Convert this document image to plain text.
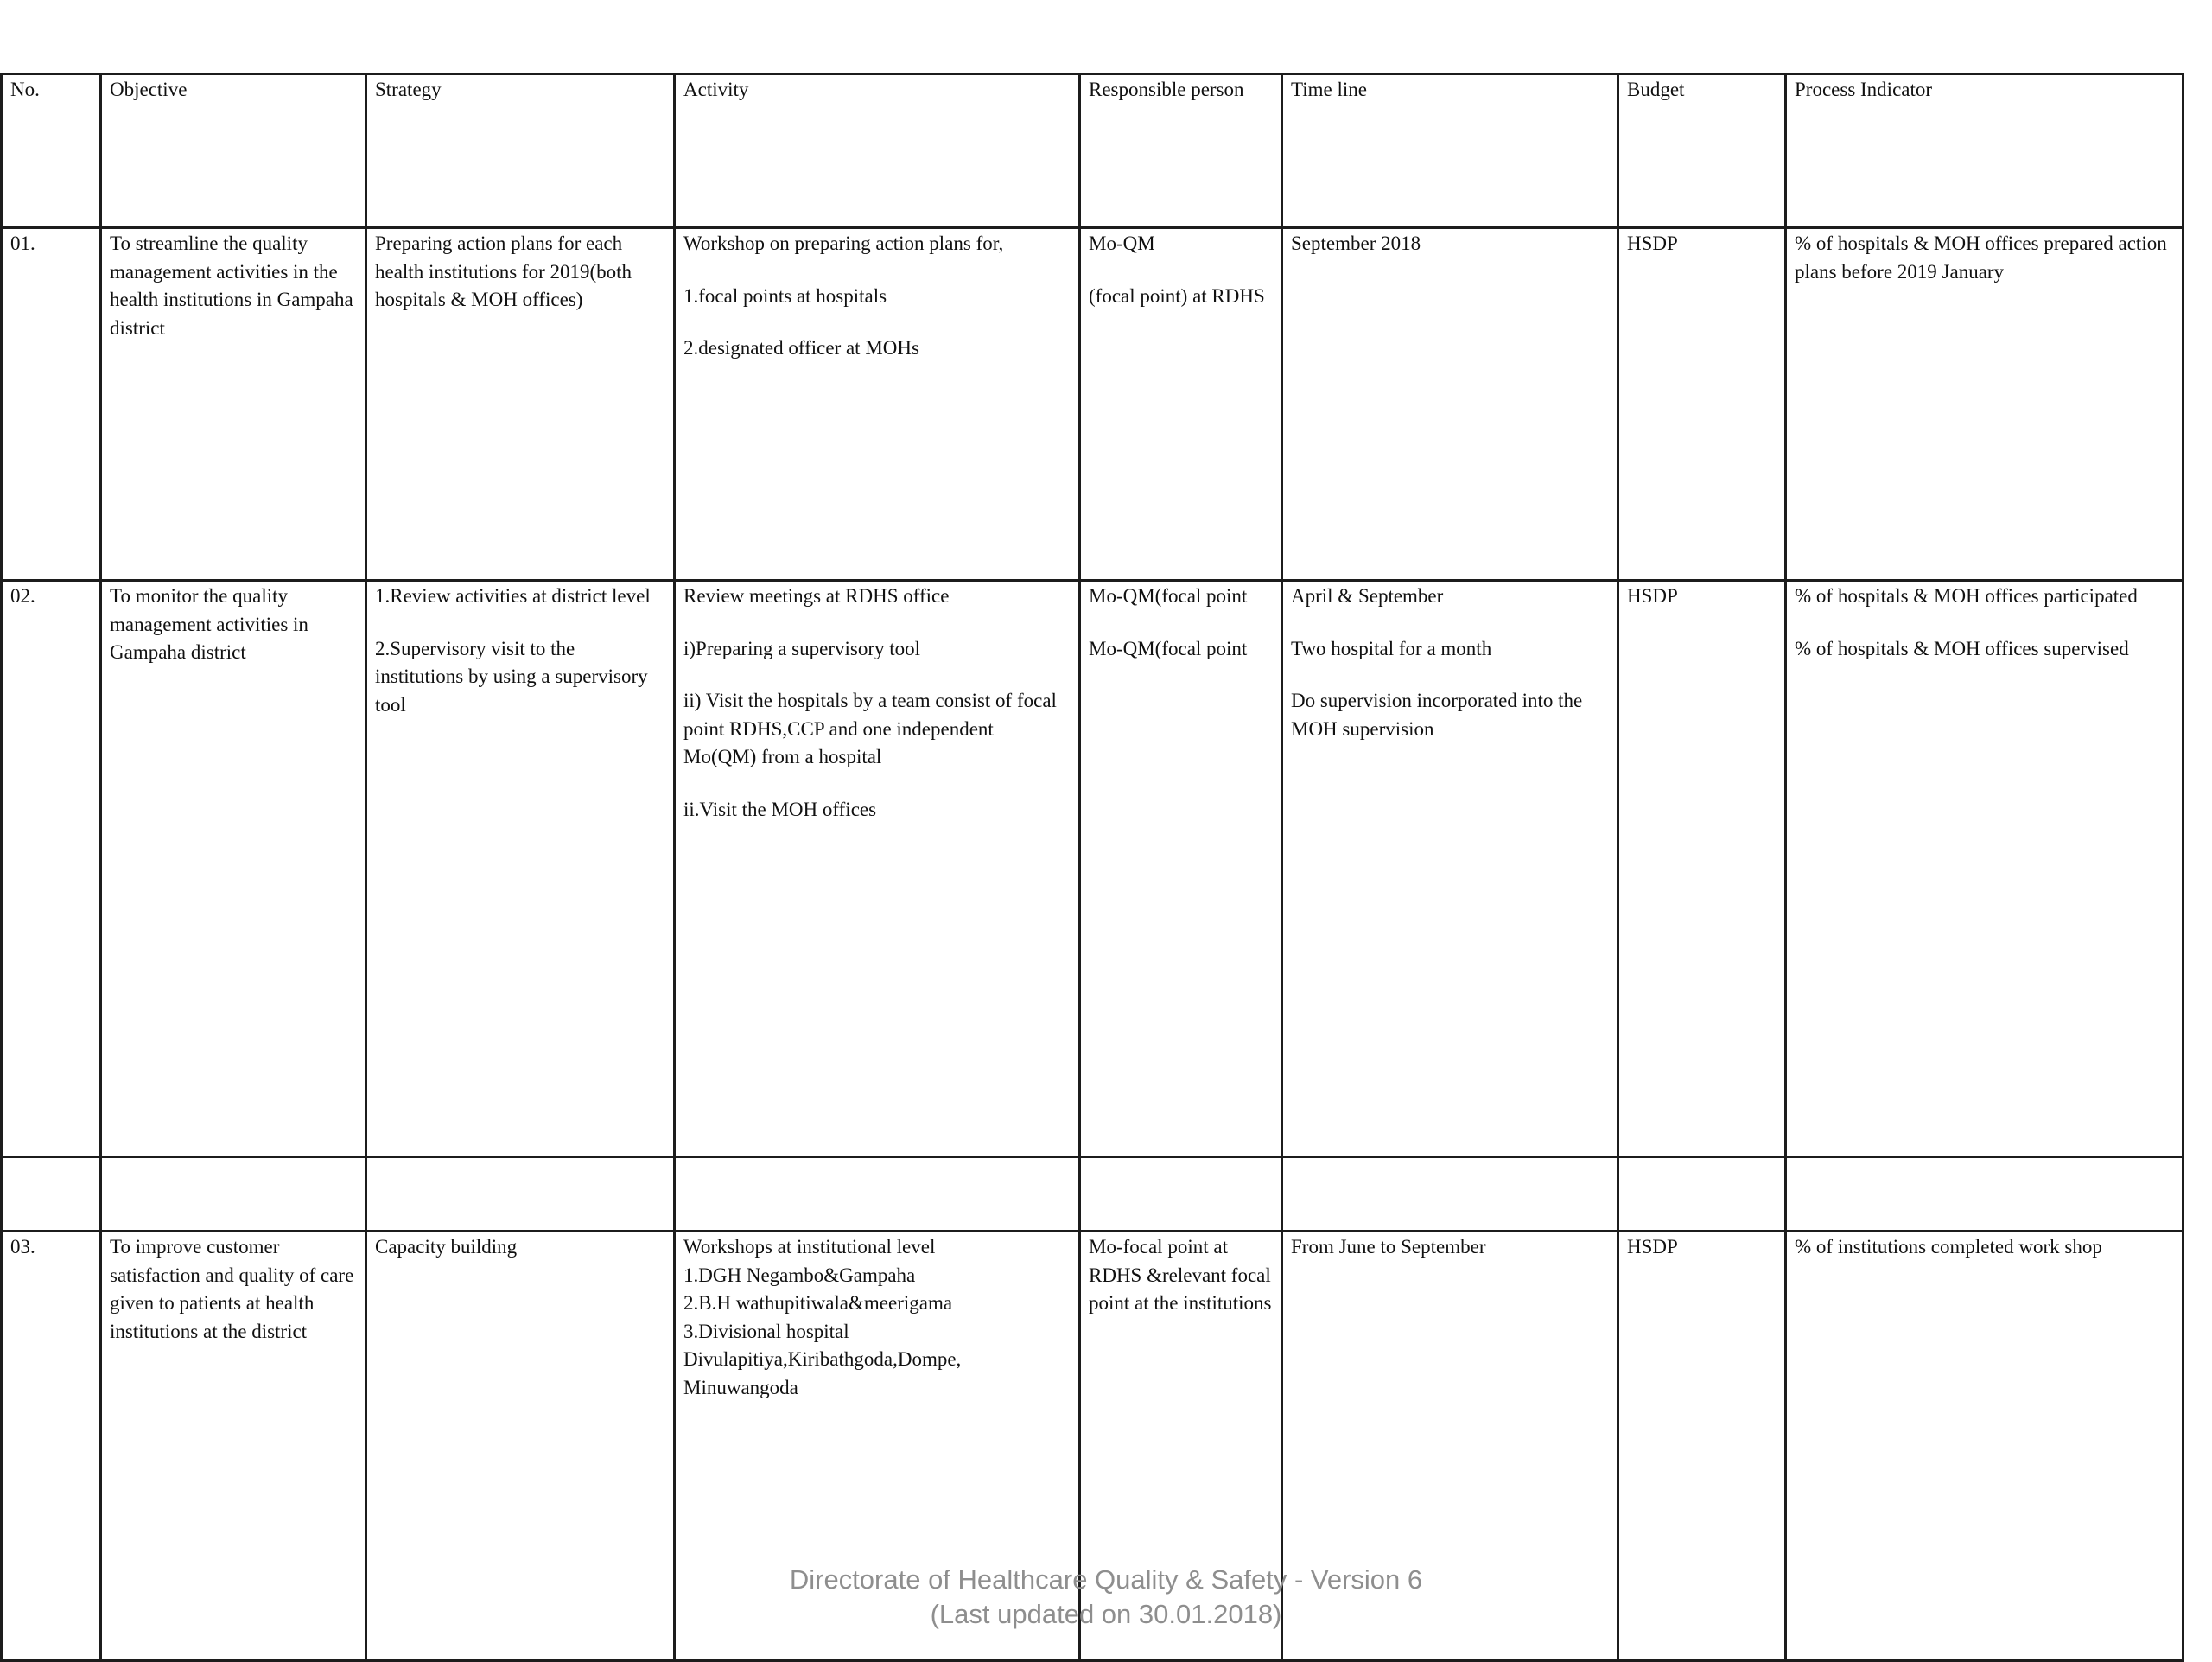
No.	Objective	Strategy	Activity	Responsible person	Time line	Budget	Process Indicator
01.	To streamline the quality management activities in the health institutions in Gampaha district	Preparing action plans for each health institutions for 2019(both hospitals & MOH offices)	Workshop on preparing action plans for,
1.focal points at hospitals
2.designated officer at MOHs	Mo-QM
(focal point) at RDHS	September 2018	HSDP	% of hospitals & MOH offices prepared action plans before 2019 January

02.	To monitor the quality management activities in Gampaha district	1.Review activities at district level
2.Supervisory visit to the institutions by using a supervisory tool	Review meetings at RDHS office
i)Preparing a supervisory tool
ii) Visit the hospitals by a team consist of focal point RDHS,CCP and one independent Mo(QM) from a hospital
ii.Visit the MOH offices	Mo-QM(focal point
Mo-QM(focal point	April & September
Two hospital for a month
Do supervision incorporated into the MOH supervision	HSDP	% of hospitals & MOH offices participated
% of hospitals & MOH offices supervised

03.	To improve customer satisfaction and quality of care given to patients at health institutions at the district	Capacity building	Workshops at institutional level
1.DGH Negambo&Gampaha
2.B.H wathupitiwala&meerigama
3.Divisional hospital Divulapitiya,Kiribathgoda,Dompe, Minuwangoda	Mo-focal point at RDHS &relevant focal point at the institutions	From June to September	HSDP	% of institutions completed work shop
Directorate of Healthcare Quality & Safety - Version 6
(Last updated on 30.01.2018)
